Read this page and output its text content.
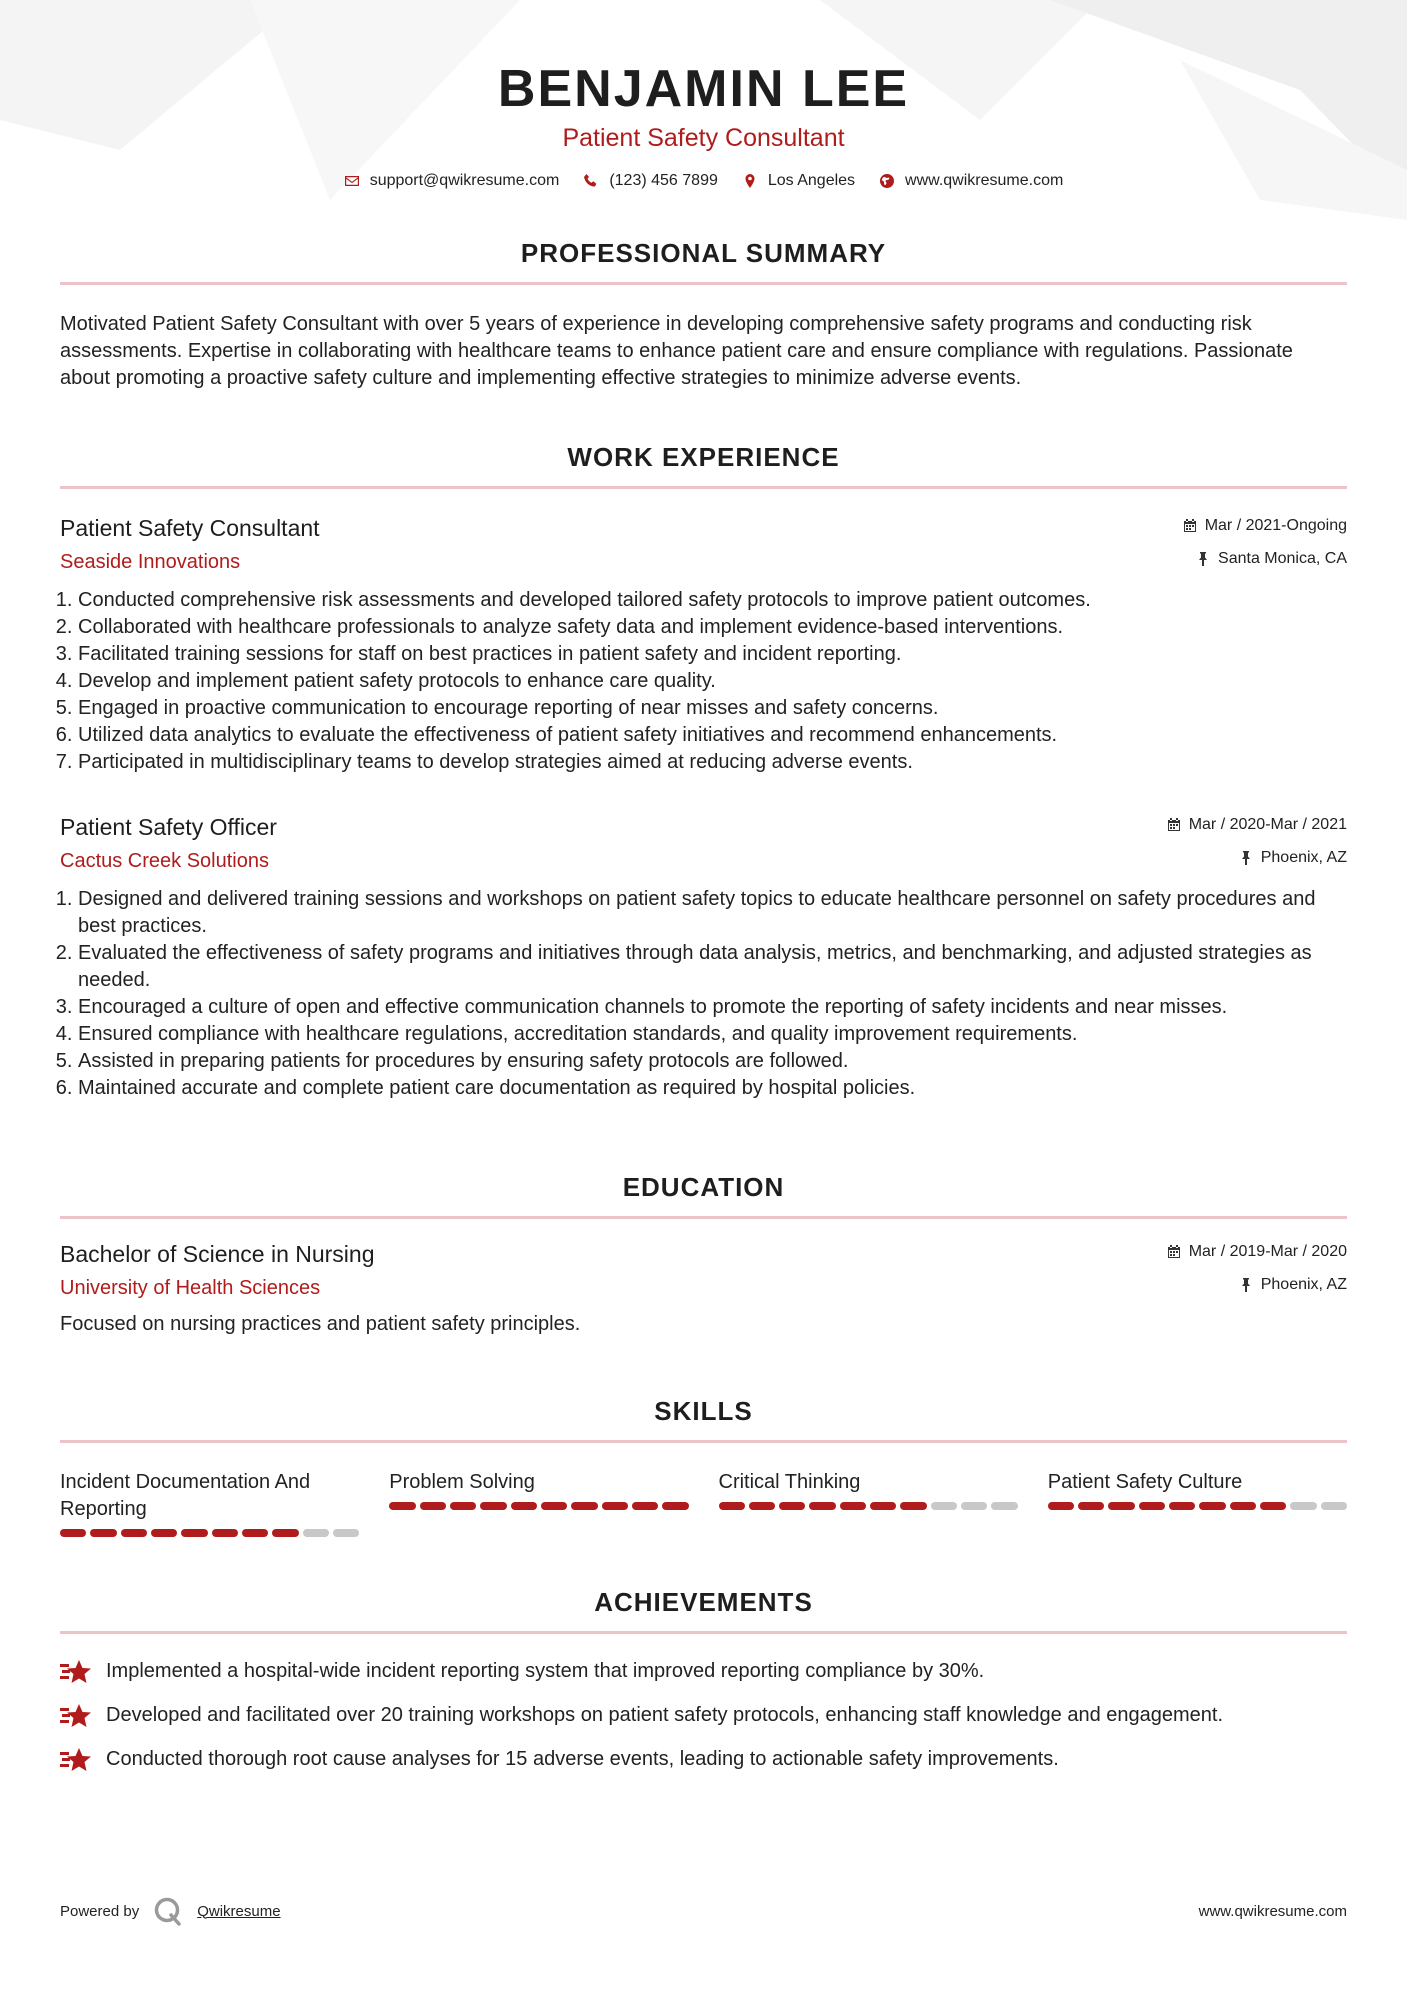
BENJAMIN LEE
Patient Safety Consultant
support@qwikresume.com	(123) 456 7899	Los Angeles	www.qwikresume.com
PROFESSIONAL SUMMARY
Motivated Patient Safety Consultant with over 5 years of experience in developing comprehensive safety programs and conducting risk assessments. Expertise in collaborating with healthcare teams to enhance patient care and ensure compliance with regulations. Passionate about promoting a proactive safety culture and implementing effective strategies to minimize adverse events.
WORK EXPERIENCE
Patient Safety Consultant
Seaside Innovations
Mar / 2021-Ongoing
Santa Monica, CA
1. Conducted comprehensive risk assessments and developed tailored safety protocols to improve patient outcomes.
2. Collaborated with healthcare professionals to analyze safety data and implement evidence-based interventions.
3. Facilitated training sessions for staff on best practices in patient safety and incident reporting.
4. Develop and implement patient safety protocols to enhance care quality.
5. Engaged in proactive communication to encourage reporting of near misses and safety concerns.
6. Utilized data analytics to evaluate the effectiveness of patient safety initiatives and recommend enhancements.
7. Participated in multidisciplinary teams to develop strategies aimed at reducing adverse events.
Patient Safety Officer
Cactus Creek Solutions
Mar / 2020-Mar / 2021
Phoenix, AZ
1. Designed and delivered training sessions and workshops on patient safety topics to educate healthcare personnel on safety procedures and best practices.
2. Evaluated the effectiveness of safety programs and initiatives through data analysis, metrics, and benchmarking, and adjusted strategies as needed.
3. Encouraged a culture of open and effective communication channels to promote the reporting of safety incidents and near misses.
4. Ensured compliance with healthcare regulations, accreditation standards, and quality improvement requirements.
5. Assisted in preparing patients for procedures by ensuring safety protocols are followed.
6. Maintained accurate and complete patient care documentation as required by hospital policies.
EDUCATION
Bachelor of Science in Nursing
University of Health Sciences
Mar / 2019-Mar / 2020
Phoenix, AZ
Focused on nursing practices and patient safety principles.
SKILLS
Incident Documentation And Reporting
Problem Solving	Critical Thinking	Patient Safety Culture
ACHIEVEMENTS
Implemented a hospital-wide incident reporting system that improved reporting compliance by 30%.
Developed and facilitated over 20 training workshops on patient safety protocols, enhancing staff knowledge and engagement.
Conducted thorough root cause analyses for 15 adverse events, leading to actionable safety improvements.
Powered by	Qwikresume	www.qwikresume.com
